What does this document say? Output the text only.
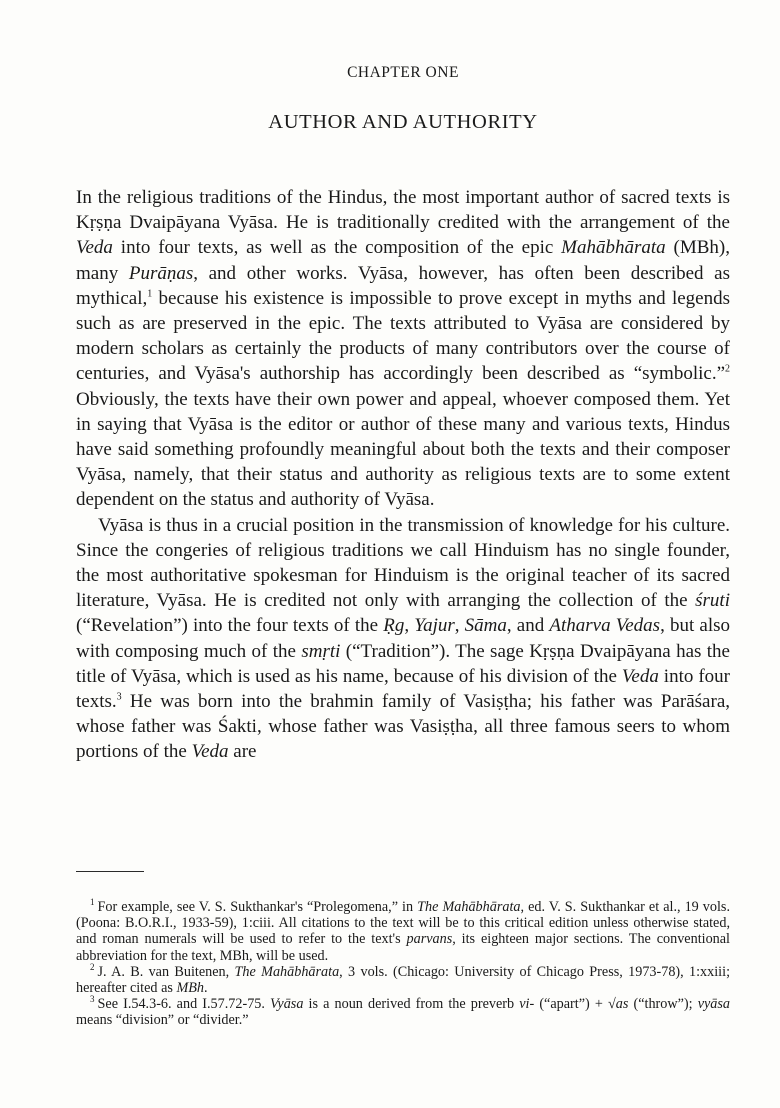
CHAPTER ONE
AUTHOR AND AUTHORITY

In the religious traditions of the Hindus, the most important author of sacred texts is Kṛṣṇa Dvaipāyana Vyāsa. He is traditionally credited with the arrangement of the Veda into four texts, as well as the composition of the epic Mahābhārata (MBh), many Purāṇas, and other works. Vyāsa, however, has often been described as mythical,$^1$ because his existence is impossible to prove except in myths and legends such as are preserved in the epic. The texts attributed to Vyāsa are considered by modern scholars as certainly the products of many contributors over the course of centuries, and Vyāsa's authorship has accordingly been described as “symbolic.”$^2$ Obviously, the texts have their own power and appeal, whoever composed them. Yet in saying that Vyāsa is the editor or author of these many and various texts, Hindus have said something profoundly meaningful about both the texts and their composer Vyāsa, namely, that their status and authority as religious texts are to some extent dependent on the status and authority of Vyāsa.

Vyāsa is thus in a crucial position in the transmission of knowledge for his culture. Since the congeries of religious traditions we call Hinduism has no single founder, the most authoritative spokesman for Hinduism is the original teacher of its sacred literature, Vyāsa. He is credited not only with arranging the collection of the śruti (“Revelation”) into the four texts of the Ṛg, Yajur, Sāma, and Atharva Vedas, but also with composing much of the smṛti (“Tradition”). The sage Kṛṣṇa Dvaipāyana has the title of Vyāsa, which is used as his name, because of his division of the Veda into four texts.$^3$ He was born into the brahmin family of Vasiṣṭha; his father was Parāśara, whose father was Śakti, whose father was Vasiṣṭha, all three famous seers to whom portions of the Veda are

$^1$ For example, see V. S. Sukthankar's “Prolegomena,” in The Mahābhārata, ed. V. S. Sukthankar et al., 19 vols. (Poona: B.O.R.I., 1933-59), 1:ciii. All citations to the text will be to this critical edition unless otherwise stated, and roman numerals will be used to refer to the text's parvans, its eighteen major sections. The conventional abbreviation for the text, MBh, will be used.

$^2$ J. A. B. van Buitenen, The Mahābhārata, 3 vols. (Chicago: University of Chicago Press, 1973-78), 1:xxiii; hereafter cited as MBh.

$^3$ See I.54.3-6. and I.57.72-75. Vyāsa is a noun derived from the preverb vi- (“apart”) + √as (“throw”); vyāsa means “division” or “divider.”
